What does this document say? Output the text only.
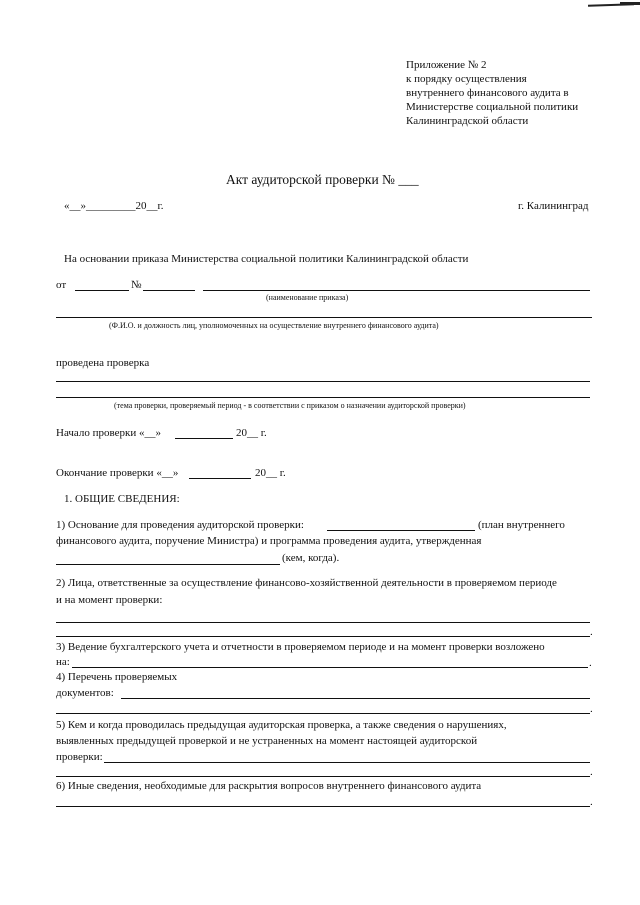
Приложение № 2
к порядку осуществления
внутреннего финансового аудита в
Министерстве социальной политики
Калининградской области
Акт аудиторской проверки № ___
«__»_________20__г.	г. Калининград
На основании приказа Министерства социальной политики Калининградской области
от	№
(наименование приказа)
(Ф.И.О. и должность лиц, уполномоченных на осуществление внутреннего финансового аудита)
проведена проверка
(тема проверки, проверяемый период - в соответствии с приказом о назначении аудиторской проверки)
Начало проверки «__»	20__ г.
Окончание проверки «__»	20__ г.
1. ОБЩИЕ СВЕДЕНИЯ:
1) Основание для проведения аудиторской проверки:	(план внутреннего
финансового аудита, поручение Министра) и программа проведения аудита, утвержденная
(кем, когда).
2) Лица, ответственные за осуществление финансово-хозяйственной деятельности в проверяемом периоде
и на момент проверки:
.
3) Ведение бухгалтерского учета и отчетности в проверяемом периоде и на момент проверки возложено
на:	.
4) Перечень проверяемых
документов:
.
5) Кем и когда проводилась предыдущая аудиторская проверка, а также сведения о нарушениях,
выявленных предыдущей проверкой и не устраненных на момент настоящей аудиторской
проверки:
.
6) Иные сведения, необходимые для раскрытия вопросов внутреннего финансового аудита
.
